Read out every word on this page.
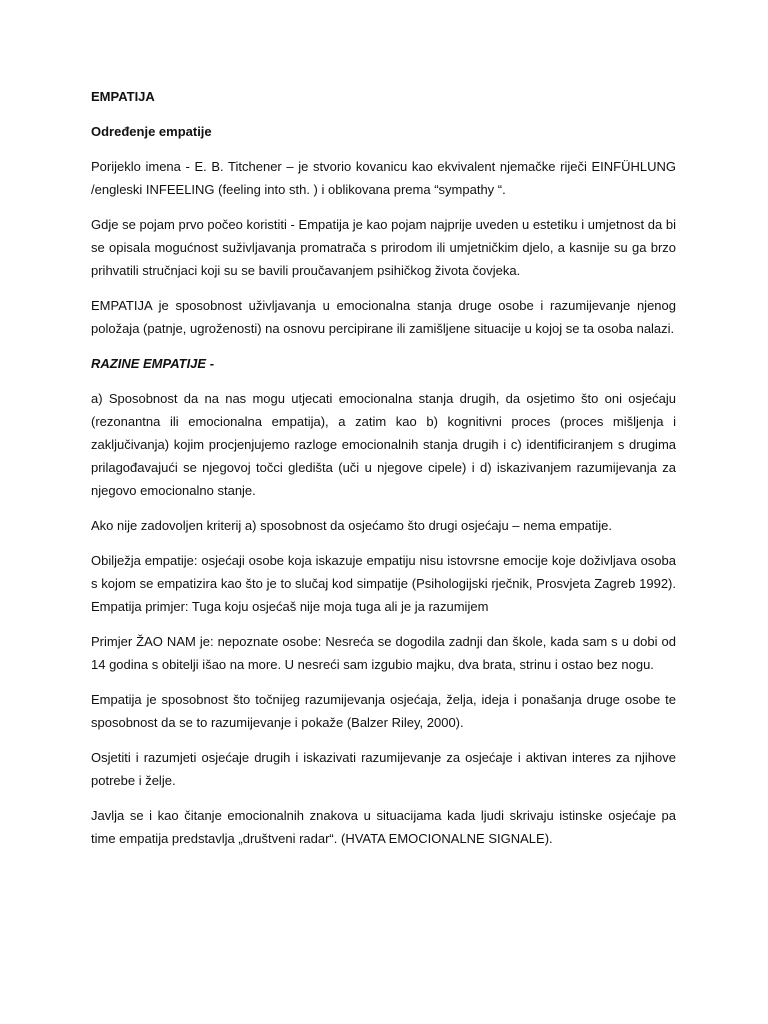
EMPATIJA

Određenje empatije

Porijeklo imena - E. B. Titchener – je stvorio kovanicu kao ekvivalent njemačke riječi EINFÜHLUNG /engleski INFEELING (feeling into sth. ) i oblikovana prema “sympathy “.

Gdje se pojam prvo počeo koristiti - Empatija je kao pojam najprije uveden u estetiku i umjetnost da bi se opisala mogućnost suživljavanja promatrača s prirodom ili umjetničkim djelo, a kasnije su ga brzo prihvatili stručnjaci koji su se bavili proučavanjem psihičkog života čovjeka.

EMPATIJA je sposobnost uživljavanja u emocionalna stanja druge osobe i razumijevanje njenog položaja (patnje, ugroženosti) na osnovu percipirane ili zamišljene situacije u kojoj se ta osoba nalazi.

RAZINE EMPATIJE -

a) Sposobnost da na nas mogu utjecati emocionalna stanja drugih, da osjetimo što oni osjećaju (rezonantna ili emocionalna empatija), a zatim kao b) kognitivni proces (proces mišljenja i zaključivanja) kojim procjenjujemo razloge emocionalnih stanja drugih i c) identificiranjem s drugima prilagođavajući se njegovoj točci gledišta (uči u njegove cipele) i d) iskazivanjem razumijevanja za njegovo emocionalno stanje.

Ako nije zadovoljen kriterij a) sposobnost da osjećamo što drugi osjećaju – nema empatije.

Obilježja empatije: osjećaji osobe koja iskazuje empatiju nisu istovrsne emocije koje doživljava osoba s kojom se empatizira kao što je to slučaj kod simpatije (Psihologijski rječnik, Prosvjeta Zagreb 1992). Empatija primjer: Tuga koju osjećaš nije moja tuga ali je ja razumijem

Primjer ŽAO NAM je: nepoznate osobe: Nesreća se dogodila zadnji dan škole, kada sam s u dobi od 14 godina s obitelji išao na more. U nesreći sam izgubio majku, dva brata, strinu i ostao bez nogu.

Empatija je sposobnost što točnijeg razumijevanja osjećaja, želja, ideja i ponašanja druge osobe te sposobnost da se to razumijevanje i pokaže (Balzer Riley, 2000).

Osjetiti i razumjeti osjećaje drugih i iskazivati razumijevanje za osjećaje i aktivan interes za njihove potrebe i želje.

Javlja se i kao čitanje emocionalnih znakova u situacijama kada ljudi skrivaju istinske osjećaje pa time empatija predstavlja „društveni radar“. (HVATA EMOCIONALNE SIGNALE).
